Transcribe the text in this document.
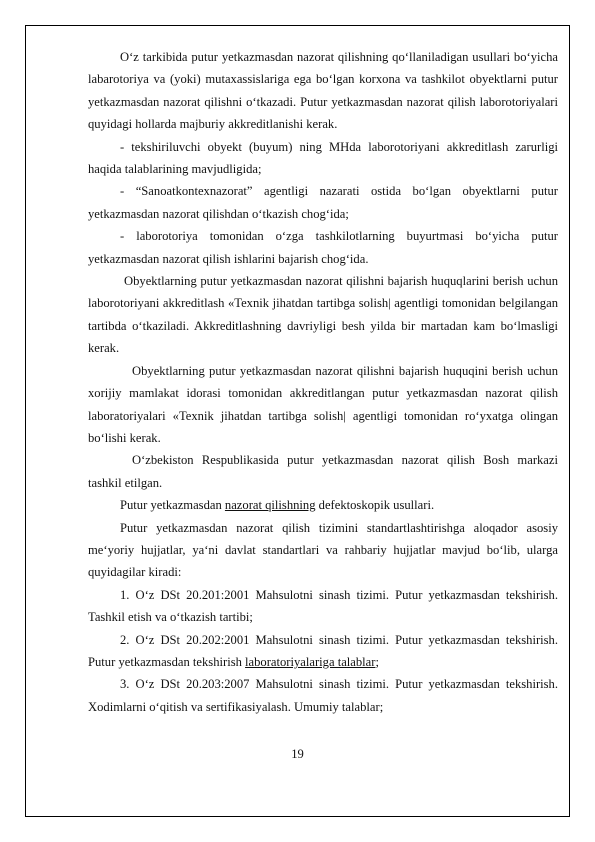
O‘z tarkibida putur yetkazmasdan nazorat qilishning qo‘llaniladigan usullari bo‘yicha labarotoriya va (yoki) mutaxassislariga ega bo‘lgan korxona va tashkilot obyektlarni putur yetkazmasdan nazorat qilishni o‘tkazadi. Putur yetkazmasdan nazorat qilish laborotoriyalari quyidagi hollarda majburiy akkreditlanishi kerak.

- tekshiriluvchi obyekt (buyum) ning MHda laborotoriyani akkreditlash zarurligi haqida talablarining mavjudligida;

- “Sanoatkontexnazorat” agentligi nazarati ostida bo‘lgan obyektlarni putur yetkazmasdan nazorat qilishdan o‘tkazish chog‘ida;

- laborotoriya tomonidan o‘zga tashkilotlarning buyurtmasi bo‘yicha putur yetkazmasdan nazorat qilish ishlarini bajarish chog‘ida.

Obyektlarning putur yetkazmasdan nazorat qilishni bajarish huquqlarini berish uchun laborotoriyani akkreditlash «Texnik jihatdan tartibga solish| agentligi tomonidan belgilangan tartibda o‘tkaziladi. Akkreditlashning davriyligi besh yilda bir martadan kam bo‘lmasligi kerak.

Obyektlarning putur yetkazmasdan nazorat qilishni bajarish huquqini berish uchun xorijiy mamlakat idorasi tomonidan akkreditlangan putur yetkazmasdan nazorat qilish laboratoriyalari «Texnik jihatdan tartibga solish| agentligi tomonidan ro‘yxatga olingan bo‘lishi kerak.

O‘zbekiston Respublikasida putur yetkazmasdan nazorat qilish Bosh markazi tashkil etilgan.

Putur yetkazmasdan nazorat qilishning defektoskopik usullari.

Putur yetkazmasdan nazorat qilish tizimini standartlashtirishga aloqador asosiy me‘yoriy hujjatlar, ya‘ni davlat standartlari va rahbariy hujjatlar mavjud bo‘lib, ularga quyidagilar kiradi:

1. O‘z DSt 20.201:2001 Mahsulotni sinash tizimi. Putur yetkazmasdan tekshirish. Tashkil etish va o‘tkazish tartibi;

2. O‘z DSt 20.202:2001 Mahsulotni sinash tizimi. Putur yetkazmasdan tekshirish. Putur yetkazmasdan tekshirish laboratoriyalariga talablar;

3. O‘z DSt 20.203:2007 Mahsulotni sinash tizimi. Putur yetkazmasdan tekshirish. Xodimlarni o‘qitish va sertifikasiyalash. Umumiy talablar;

19
